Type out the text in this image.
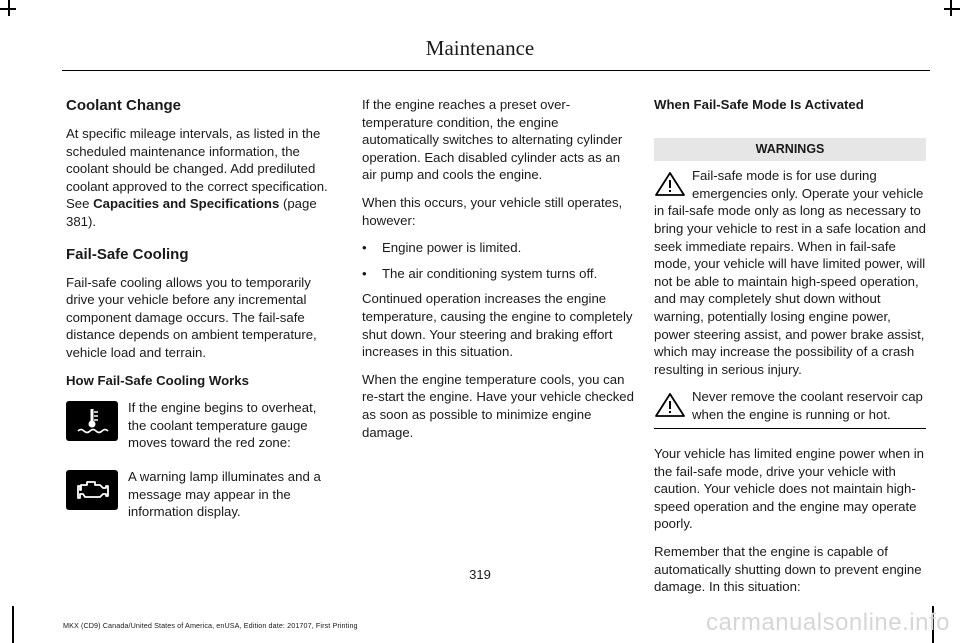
Maintenance
Coolant Change

At specific mileage intervals, as listed in the scheduled maintenance information, the coolant should be changed. Add prediluted coolant approved to the correct specification. See Capacities and Specifications (page 381).

Fail-Safe Cooling

Fail-safe cooling allows you to temporarily drive your vehicle before any incremental component damage occurs. The fail-safe distance depends on ambient temperature, vehicle load and terrain.

How Fail-Safe Cooling Works
If the engine begins to overheat, the coolant temperature gauge moves toward the red zone:
A warning lamp illuminates and a message may appear in the information display.

If the engine reaches a preset over-temperature condition, the engine automatically switches to alternating cylinder operation. Each disabled cylinder acts as an air pump and cools the engine.

When this occurs, your vehicle still operates, however:

•	Engine power is limited.
•	The air conditioning system turns off.

Continued operation increases the engine temperature, causing the engine to completely shut down. Your steering and braking effort increases in this situation.

When the engine temperature cools, you can re-start the engine. Have your vehicle checked as soon as possible to minimize engine damage.

When Fail-Safe Mode Is Activated
WARNINGS
Fail-safe mode is for use during emergencies only. Operate your vehicle in fail-safe mode only as long as necessary to bring your vehicle to rest in a safe location and seek immediate repairs. When in fail-safe mode, your vehicle will have limited power, will not be able to maintain high-speed operation, and may completely shut down without warning, potentially losing engine power, power steering assist, and power brake assist, which may increase the possibility of a crash resulting in serious injury.
Never remove the coolant reservoir cap when the engine is running or hot.

Your vehicle has limited engine power when in the fail-safe mode, drive your vehicle with caution. Your vehicle does not maintain high-speed operation and the engine may operate poorly.

Remember that the engine is capable of automatically shutting down to prevent engine damage. In this situation:

319
MKX (CD9) Canada/United States of America, enUSA, Edition date: 201707, First Printing	carmanualsonline.info
